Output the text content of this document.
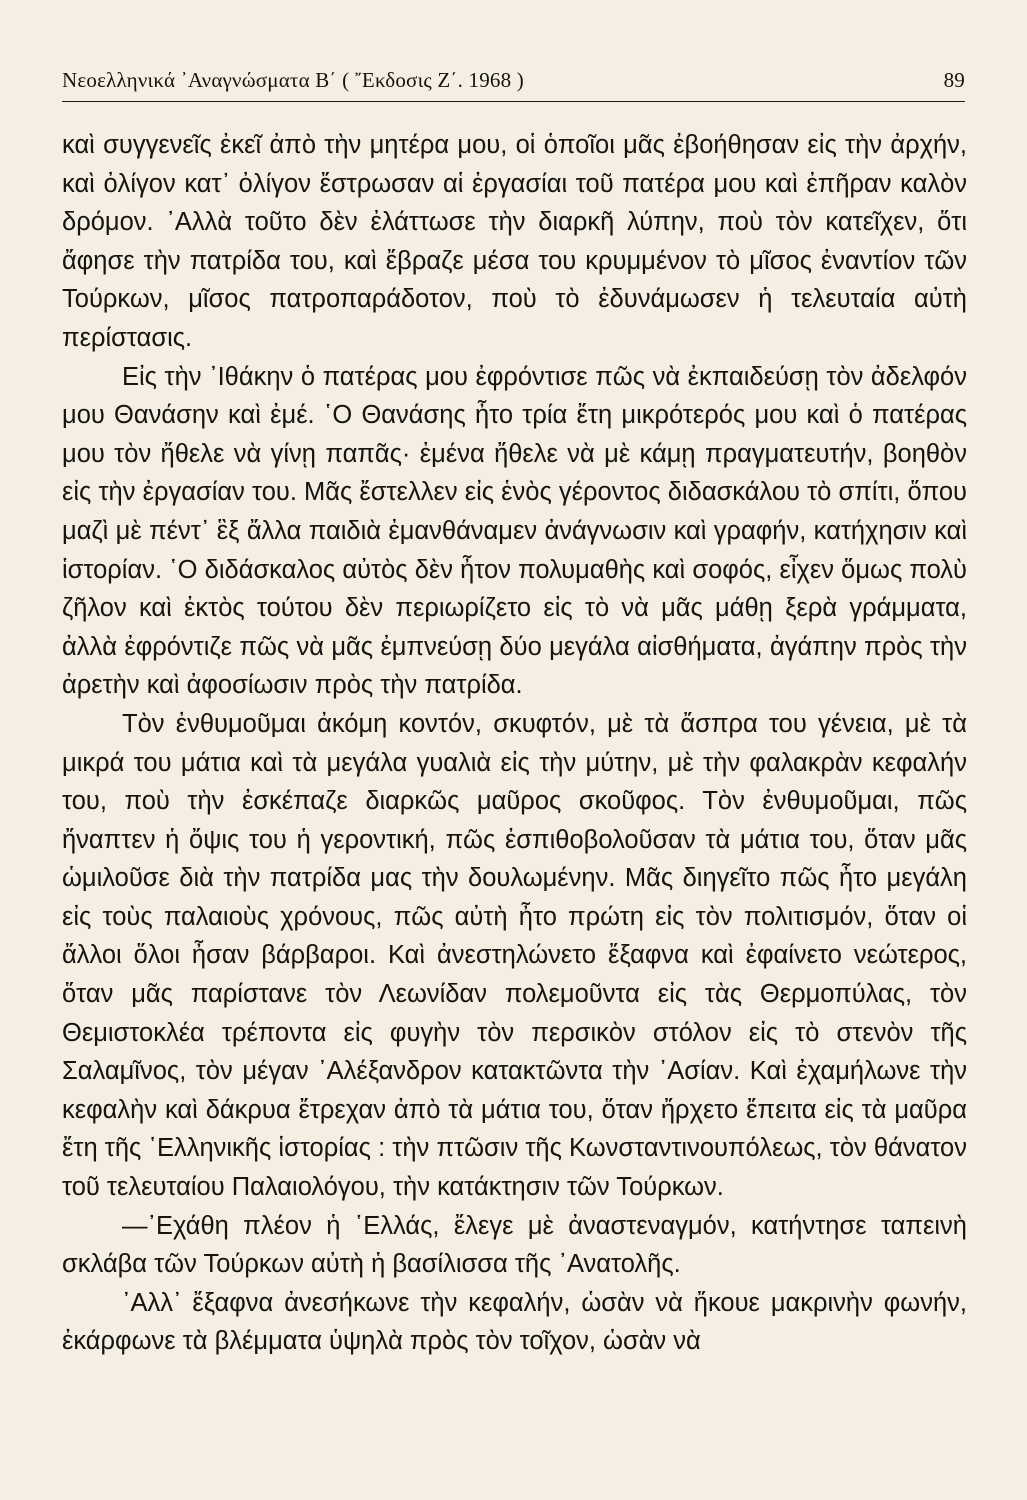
Νεοελληνικά ᾿Αναγνώσματα Β΄ ( ῎Εκδοσις Ζ΄. 1968 )	89

καὶ συγγενεῖς ἐκεῖ ἀπὸ τὴν μητέρα μου, οἱ ὁποῖοι μᾶς ἐβοήθησαν εἰς τὴν ἀρχήν, καὶ ὀλίγον κατ᾿ ὀλίγον ἔστρωσαν αἱ ἐργασίαι τοῦ πατέρα μου καὶ ἐπῆραν καλὸν δρόμον. ᾿Αλλὰ τοῦτο δὲν ἐλάττωσε τὴν διαρκῆ λύπην, ποὺ τὸν κατεῖχεν, ὅτι ἄφησε τὴν πατρίδα του, καὶ ἔβραζε μέσα του κρυμμένον τὸ μῖσος ἐναντίον τῶν Τούρκων, μῖσος πατροπαράδοτον, ποὺ τὸ ἐδυνάμωσεν ἡ τελευταία αὐτὴ περίστασις.

Εἰς τὴν ᾿Ιθάκην ὁ πατέρας μου ἐφρόντισε πῶς νὰ ἐκπαιδεύσῃ τὸν ἀδελφόν μου Θανάσην καὶ ἐμέ. ῾Ο Θανάσης ἦτο τρία ἔτη μικρότερός μου καὶ ὁ πατέρας μου τὸν ἤθελε νὰ γίνῃ παπᾶς· ἐμένα ἤθελε νὰ μὲ κάμῃ πραγματευτήν, βοηθὸν εἰς τὴν ἐργασίαν του. Μᾶς ἔστελλεν εἰς ἑνὸς γέροντος διδασκάλου τὸ σπίτι, ὅπου μαζὶ μὲ πέντ᾿ ἓξ ἄλλα παιδιὰ ἐμανθάναμεν ἀνάγνωσιν καὶ γραφήν, κατήχησιν καὶ ἱστορίαν. ῾Ο διδάσκαλος αὐτὸς δὲν ἦτον πολυμαθὴς καὶ σοφός, εἶχεν ὅμως πολὺ ζῆλον καὶ ἐκτὸς τούτου δὲν περιωρίζετο εἰς τὸ νὰ μᾶς μάθῃ ξερὰ γράμματα, ἀλλὰ ἐφρόντιζε πῶς νὰ μᾶς ἐμπνεύσῃ δύο μεγάλα αἰσθήματα, ἀγάπην πρὸς τὴν ἀρετὴν καὶ ἀφοσίωσιν πρὸς τὴν πατρίδα.

Τὸν ἐνθυμοῦμαι ἀκόμη κοντόν, σκυφτόν, μὲ τὰ ἄσπρα του γένεια, μὲ τὰ μικρά του μάτια καὶ τὰ μεγάλα γυαλιὰ εἰς τὴν μύτην, μὲ τὴν φαλακρὰν κεφαλήν του, ποὺ τὴν ἐσκέπαζε διαρκῶς μαῦρος σκοῦφος. Τὸν ἐνθυμοῦμαι, πῶς ἤναπτεν ἡ ὄψις του ἡ γεροντική, πῶς ἐσπιθοβολοῦσαν τὰ μάτια του, ὅταν μᾶς ὡμιλοῦσε διὰ τὴν πατρίδα μας τὴν δουλωμένην. Μᾶς διηγεῖτο πῶς ἦτο μεγάλη εἰς τοὺς παλαιοὺς χρόνους, πῶς αὐτὴ ἦτο πρώτη εἰς τὸν πολιτισμόν, ὅταν οἱ ἄλλοι ὅλοι ἦσαν βάρβαροι. Καὶ ἀνεστηλώνετο ἔξαφνα καὶ ἐφαίνετο νεώτερος, ὅταν μᾶς παρίστανε τὸν Λεωνίδαν πολεμοῦντα εἰς τὰς Θερμοπύλας, τὸν Θεμιστοκλέα τρέποντα εἰς φυγὴν τὸν περσικὸν στόλον εἰς τὸ στενὸν τῆς Σαλαμῖνος, τὸν μέγαν ᾿Αλέξανδρον κατακτῶντα τὴν ᾿Ασίαν. Καὶ ἐχαμήλωνε τὴν κεφαλὴν καὶ δάκρυα ἔτρεχαν ἀπὸ τὰ μάτια του, ὅταν ἤρχετο ἔπειτα εἰς τὰ μαῦρα ἔτη τῆς ῾Ελληνικῆς ἱστορίας : τὴν πτῶσιν τῆς Κωνσταντινουπόλεως, τὸν θάνατον τοῦ τελευταίου Παλαιολόγου, τὴν κατάκτησιν τῶν Τούρκων.

—᾿Εχάθη πλέον ἡ ῾Ελλάς, ἔλεγε μὲ ἀναστεναγμόν, κατήντησε ταπεινὴ σκλάβα τῶν Τούρκων αὐτὴ ἡ βασίλισσα τῆς ᾿Ανατολῆς.

᾿Αλλ᾿ ἔξαφνα ἀνεσήκωνε τὴν κεφαλήν, ὡσὰν νὰ ἤκουε μακρινὴν φωνήν, ἐκάρφωνε τὰ βλέμματα ὑψηλὰ πρὸς τὸν τοῖχον, ὡσὰν νὰ
